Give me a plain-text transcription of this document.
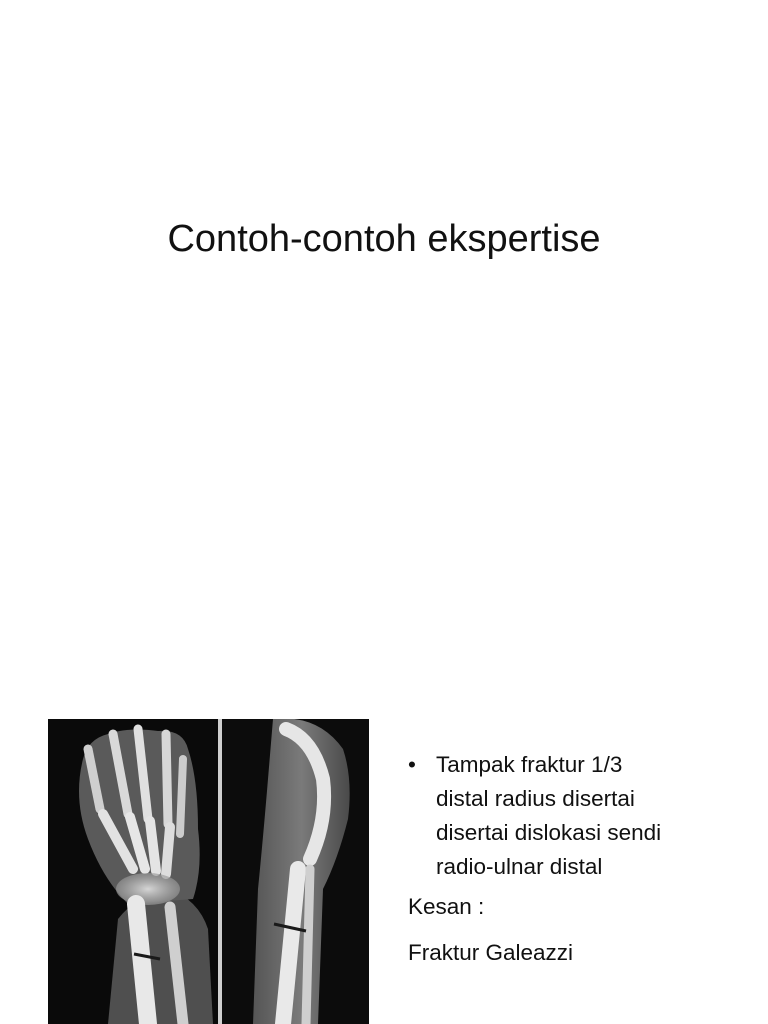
Contoh-contoh ekspertise
• Tampak fraktur 1/3
distal radius disertai
disertai dislokasi sendi
radio-ulnar distal
Kesan :
Fraktur Galeazzi
